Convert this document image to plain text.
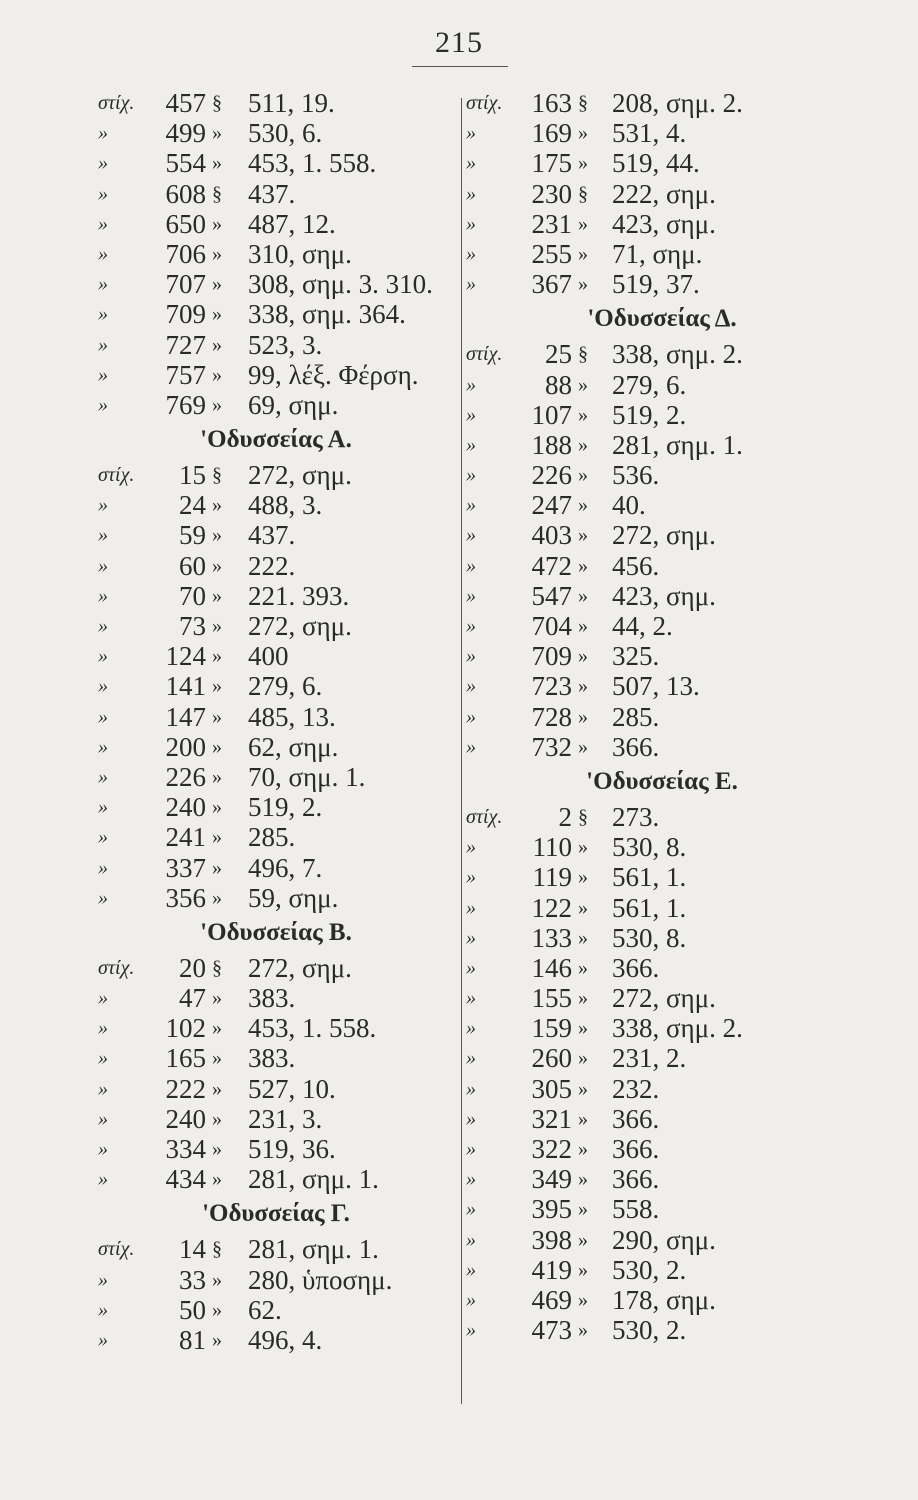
215
στίχ. 457 § 511, 19.
» 499 » 530, 6.
» 554 » 453, 1. 558.
» 608 § 437.
» 650 » 487, 12.
» 706 » 310, σημ.
» 707 » 308, σημ. 3. 310.
» 709 » 338, σημ. 364.
» 727 » 523, 3.
» 757 » 99, λέξ. Φέρση.
» 769 » 69, σημ.
'Οδυσσείας Α.
στίχ. 15 § 272, σημ.
»	24 » 488, 3.
»	59 » 437.
»	60 » 222.
»	70 » 221. 393.
»	73 » 272, σημ.
» 124 » 400
» 141 » 279, 6.
» 147 » 485, 13.
» 200 » 62, σημ.
» 226 » 70, σημ. 1.
» 240 » 519, 2.
» 241 » 285.
» 337 » 496, 7.
» 356 » 59, σημ.
'Οδυσσείας Β.
στίχ. 20 § 272, σημ.
»	47 » 383.
» 102 » 453, 1. 558.
» 165 » 383.
» 222 » 527, 10.
» 240 » 231, 3.
» 334 » 519, 36.
» 434 » 281, σημ. 1.
'Οδυσσείας Γ.
στίχ. 14 § 281, σημ. 1.
»	33 » 280, ὑποσημ.
»	50 » 62.
»	81 » 496, 4.
στίχ. 163 § 208, σημ. 2.
» 169 » 531, 4.
» 175 » 519, 44.
» 230 § 222, σημ.
» 231 » 423, σημ.
» 255 » 71, σημ.
» 367 » 519, 37.
'Οδυσσείας Δ.
στίχ. 25 § 338, σημ. 2.
»	88 » 279, 6.
» 107 » 519, 2.
» 188 » 281, σημ. 1.
» 226 » 536.
» 247 » 40.
» 403 » 272, σημ.
» 472 » 456.
» 547 » 423, σημ.
» 704 » 44, 2.
» 709 » 325.
» 723 » 507, 13.
» 728 » 285.
» 732 » 366.
'Οδυσσείας Ε.
στίχ. 2 § 273.
» 110 » 530, 8.
» 119 » 561, 1.
» 122 » 561, 1.
» 133 » 530, 8.
» 146 » 366.
» 155 » 272, σημ.
» 159 » 338, σημ. 2.
» 260 » 231, 2.
» 305 » 232.
» 321 » 366.
» 322 » 366.
» 349 » 366.
» 395 » 558.
» 398 » 290, σημ.
» 419 » 530, 2.
» 469 » 178, σημ.
» 473 » 530, 2.
